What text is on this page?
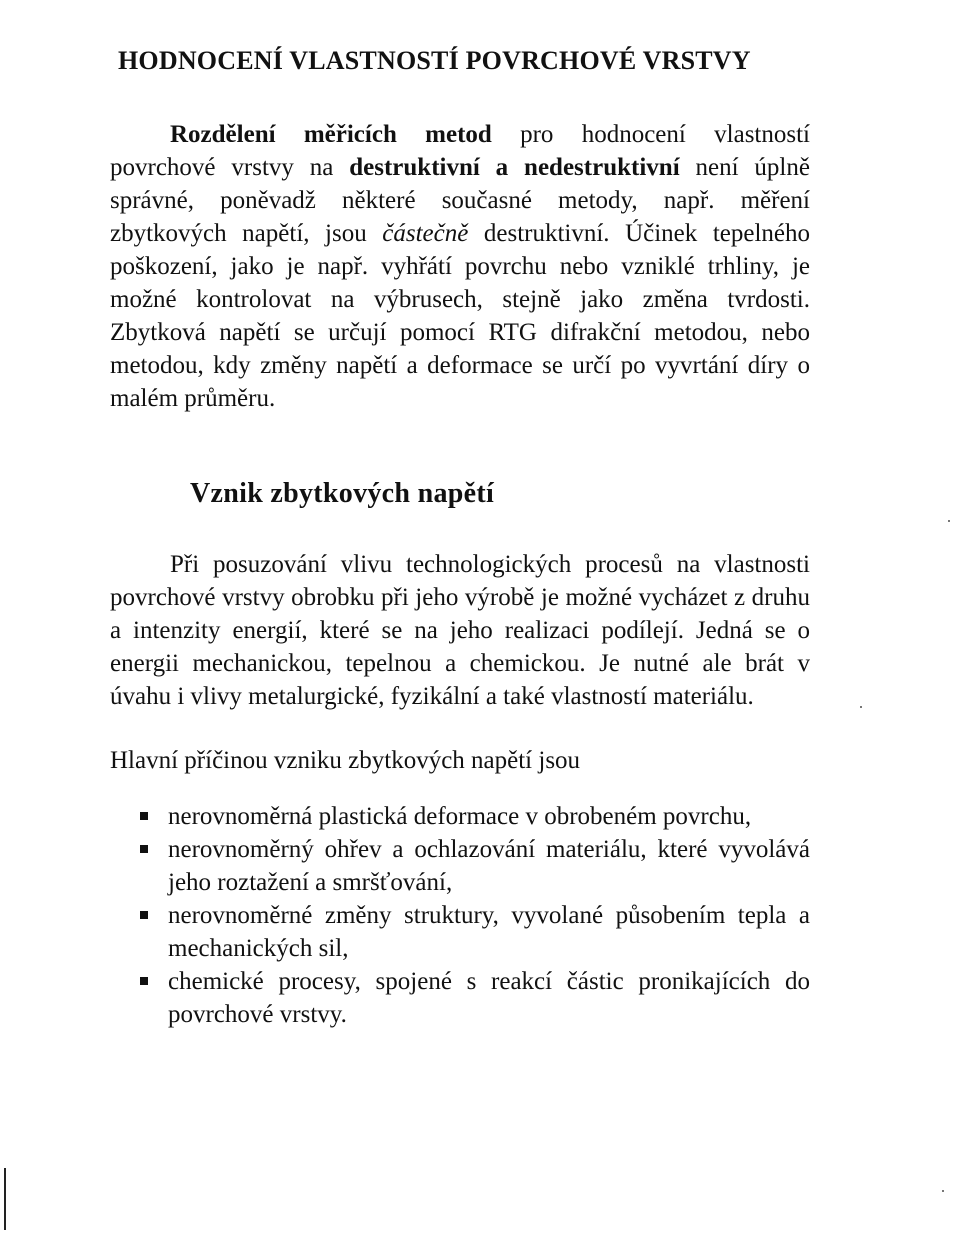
HODNOCENÍ VLASTNOSTÍ POVRCHOVÉ VRSTVY

Rozdělení měřicích metod pro hodnocení vlastností povrchové vrstvy na destruktivní a nedestruktivní není úplně správné, poněvadž některé současné metody, např. měření zbytkových napětí, jsou částečně destruktivní. Účinek tepelného poškození, jako je např. vyhřátí povrchu nebo vzniklé trhliny, je možné kontrolovat na výbrusech, stejně jako změna tvrdosti. Zbytková napětí se určují pomocí RTG difrakční metodou, nebo metodou, kdy změny napětí a deformace se určí po vyvrtání díry o malém průměru.

Vznik zbytkových napětí

Při posuzování vlivu technologických procesů na vlastnosti povrchové vrstvy obrobku při jeho výrobě je možné vycházet z druhu a intenzity energií, které se na jeho realizaci podílejí. Jedná se o energii mechanickou, tepelnou a chemickou. Je nutné ale brát v úvahu i vlivy metalurgické, fyzikální a také vlastností materiálu.

Hlavní příčinou vzniku zbytkových napětí jsou

nerovnoměrná plastická deformace v obrobeném povrchu,
nerovnoměrný ohřev a ochlazování materiálu, které vyvolává jeho roztažení a smršťování,
nerovnoměrné změny struktury, vyvolané působením tepla a mechanických sil,
chemické procesy, spojené s reakcí částic pronikajících do povrchové vrstvy.
